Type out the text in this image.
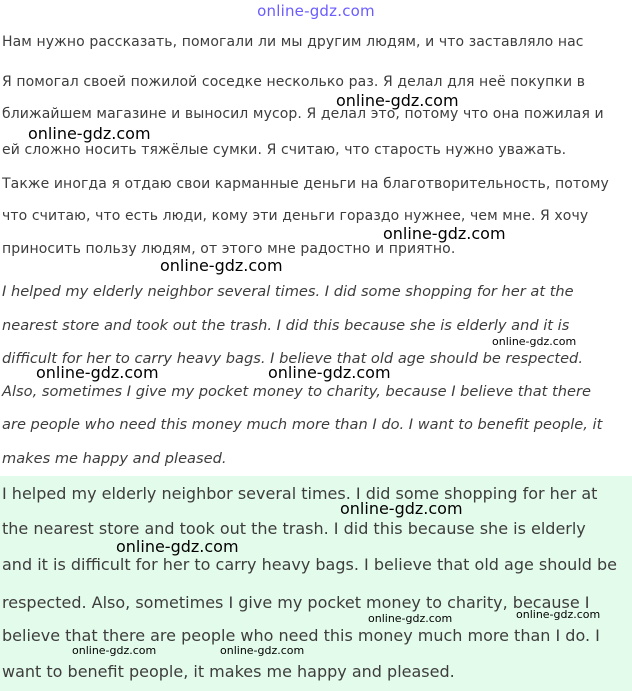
online-gdz.com
Нам нужно рассказать, помогали ли мы другим людям, и что заставляло нас
Я помогал своей пожилой соседке несколько раз. Я делал для неё покупки в
ближайшем магазине и выносил мусор. Я делал это, потому что она пожилая и
ей сложно носить тяжёлые сумки. Я считаю, что старость нужно уважать.
Также иногда я отдаю свои карманные деньги на благотворительность, потому
что считаю, что есть люди, кому эти деньги гораздо нужнее, чем мне. Я хочу
приносить пользу людям, от этого мне радостно и приятно.
I helped my elderly neighbor several times. I did some shopping for her at the
nearest store and took out the trash. I did this because she is elderly and it is
difficult for her to carry heavy bags. I believe that old age should be respected.
Also, sometimes I give my pocket money to charity, because I believe that there
are people who need this money much more than I do. I want to benefit people, it
makes me happy and pleased.
I helped my elderly neighbor several times. I did some shopping for her at
the nearest store and took out the trash. I did this because she is elderly
and it is difficult for her to carry heavy bags. I believe that old age should be
respected. Also, sometimes I give my pocket money to charity, because I
believe that there are people who need this money much more than I do. I
want to benefit people, it makes me happy and pleased.
online-gdz.com
online-gdz.com
online-gdz.com
online-gdz.com
online-gdz.com
online-gdz.com	online-gdz.com
online-gdz.com
online-gdz.com
online-gdz.com
online-gdz.com
online-gdz.com	online-gdz.com
